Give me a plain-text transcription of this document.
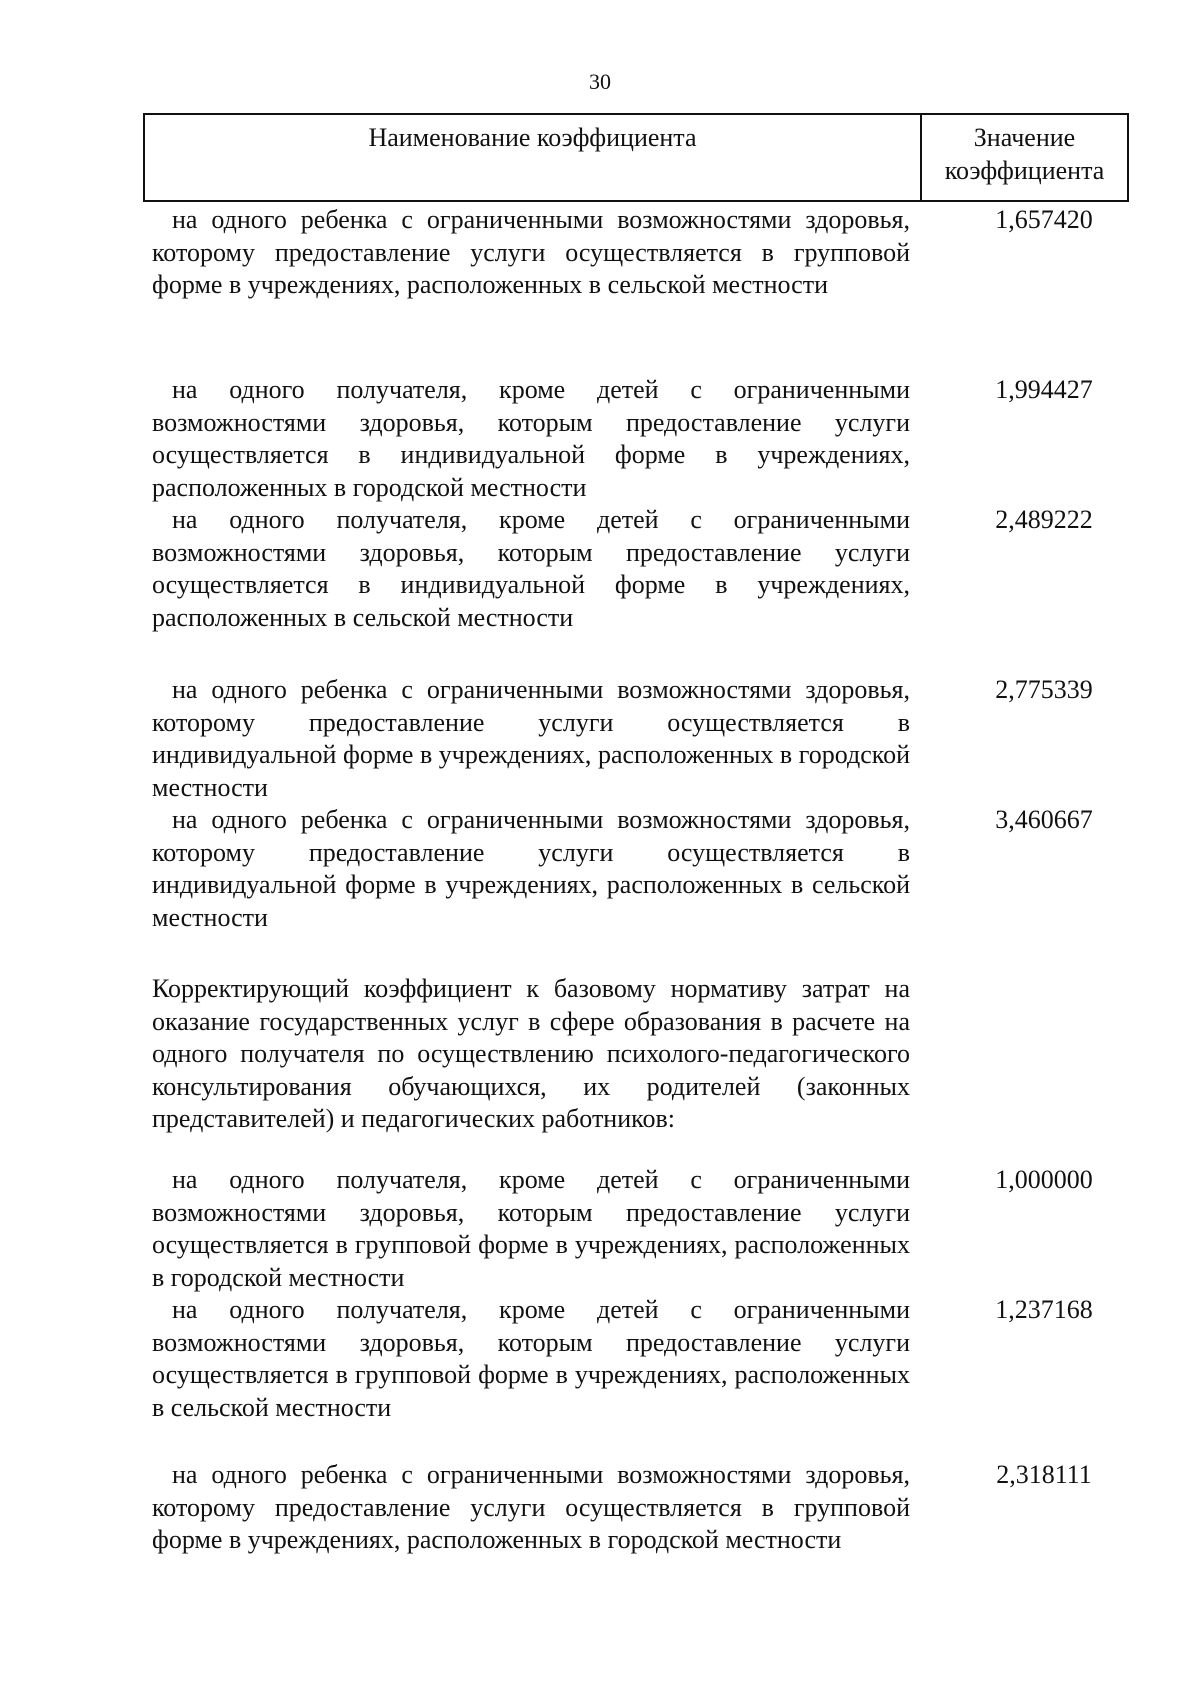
30
Наименование коэффициента	Значение коэффициента
на одного ребенка с ограниченными возможностями здоровья, которому предоставление услуги осуществляется в групповой форме в учреждениях, расположенных в сельской местности
1,657420
на одного получателя, кроме детей с ограниченными возможностями здоровья, которым предоставление услуги осуществляется в индивидуальной форме в учреждениях, расположенных в городской местности
1,994427
на одного получателя, кроме детей с ограниченными возможностями здоровья, которым предоставление услуги осуществляется в индивидуальной форме в учреждениях, расположенных в сельской местности
2,489222
на одного ребенка с ограниченными возможностями здоровья, которому предоставление услуги осуществляется в индивидуальной форме в учреждениях, расположенных в городской местности
2,775339
на одного ребенка с ограниченными возможностями здоровья, которому предоставление услуги осуществляется в индивидуальной форме в учреждениях, расположенных в сельской местности
3,460667
Корректирующий коэффициент к базовому нормативу затрат на оказание государственных услуг в сфере образования в расчете на одного получателя по осуществлению психолого-педагогического консультирования обучающихся, их родителей (законных представителей) и педагогических работников:
на одного получателя, кроме детей с ограниченными возможностями здоровья, которым предоставление услуги осуществляется в групповой форме в учреждениях, расположенных в городской местности
1,000000
на одного получателя, кроме детей с ограниченными возможностями здоровья, которым предоставление услуги осуществляется в групповой форме в учреждениях, расположенных в сельской местности
1,237168
на одного ребенка с ограниченными возможностями здоровья, которому предоставление услуги осуществляется в групповой форме в учреждениях, расположенных в городской местности
2,318111
